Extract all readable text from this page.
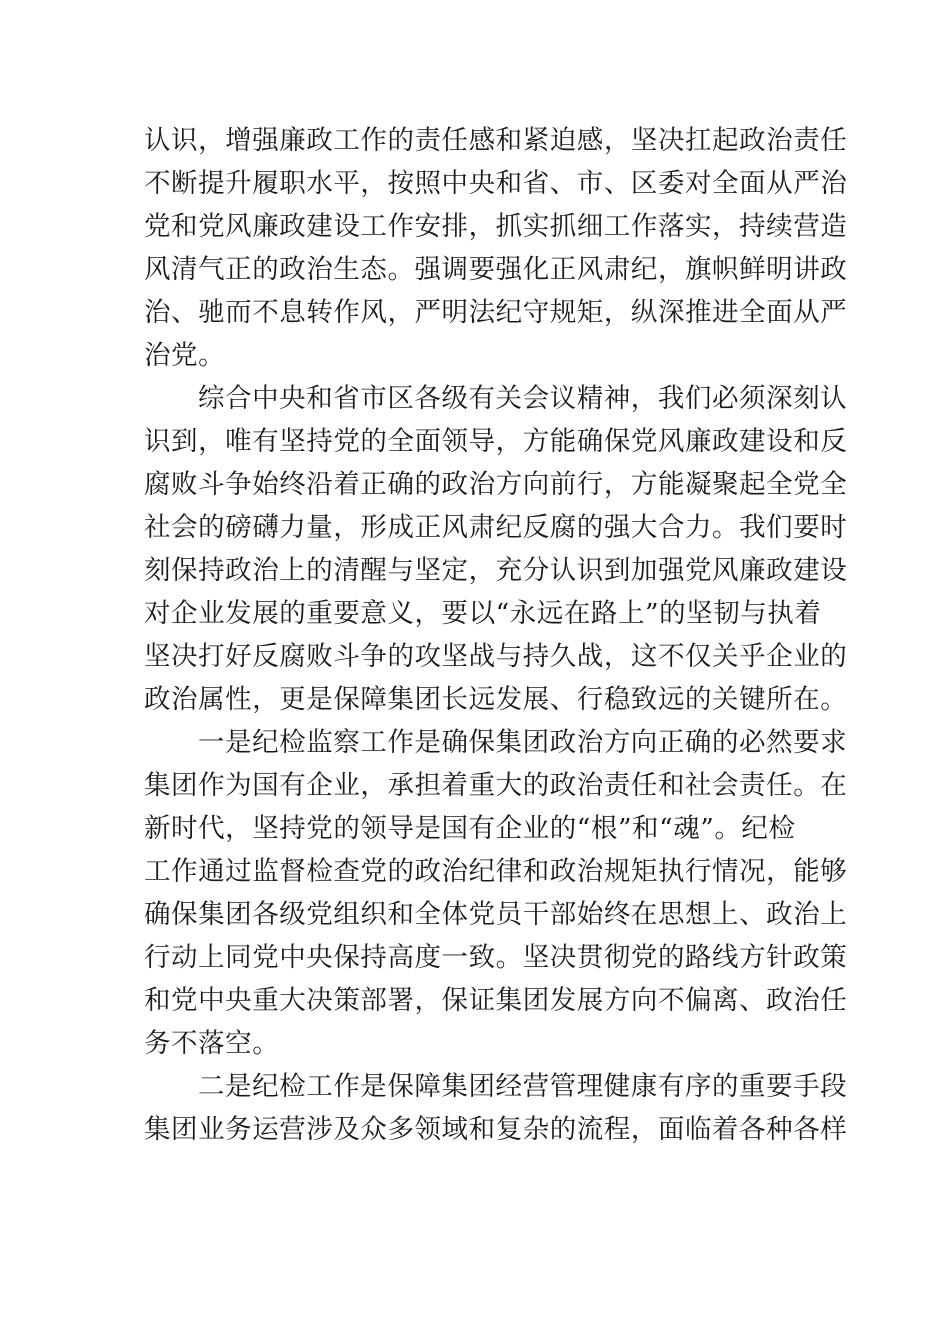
认识，增强廉政工作的责任感和紧迫感，坚决扛起政治责任
不断提升履职水平，按照中央和省、市、区委对全面从严治
党和党风廉政建设工作安排，抓实抓细工作落实，持续营造
风清气正的政治生态。强调要强化正风肃纪，旗帜鲜明讲政
治、驰而不息转作风，严明法纪守规矩，纵深推进全面从严
治党。
综合中央和省市区各级有关会议精神，我们必须深刻认
识到，唯有坚持党的全面领导，方能确保党风廉政建设和反
腐败斗争始终沿着正确的政治方向前行，方能凝聚起全党全
社会的磅礴力量，形成正风肃纪反腐的强大合力。我们要时
刻保持政治上的清醒与坚定，充分认识到加强党风廉政建设
对企业发展的重要意义，要以“永远在路上”的坚韧与执着
坚决打好反腐败斗争的攻坚战与持久战，这不仅关乎企业的
政治属性，更是保障集团长远发展、行稳致远的关键所在。
一是纪检监察工作是确保集团政治方向正确的必然要求
集团作为国有企业，承担着重大的政治责任和社会责任。在
新时代，坚持党的领导是国有企业的“根”和“魂”。纪检
工作通过监督检查党的政治纪律和政治规矩执行情况，能够
确保集团各级党组织和全体党员干部始终在思想上、政治上
行动上同党中央保持高度一致。坚决贯彻党的路线方针政策
和党中央重大决策部署，保证集团发展方向不偏离、政治任
务不落空。
二是纪检工作是保障集团经营管理健康有序的重要手段
集团业务运营涉及众多领域和复杂的流程，面临着各种各样
